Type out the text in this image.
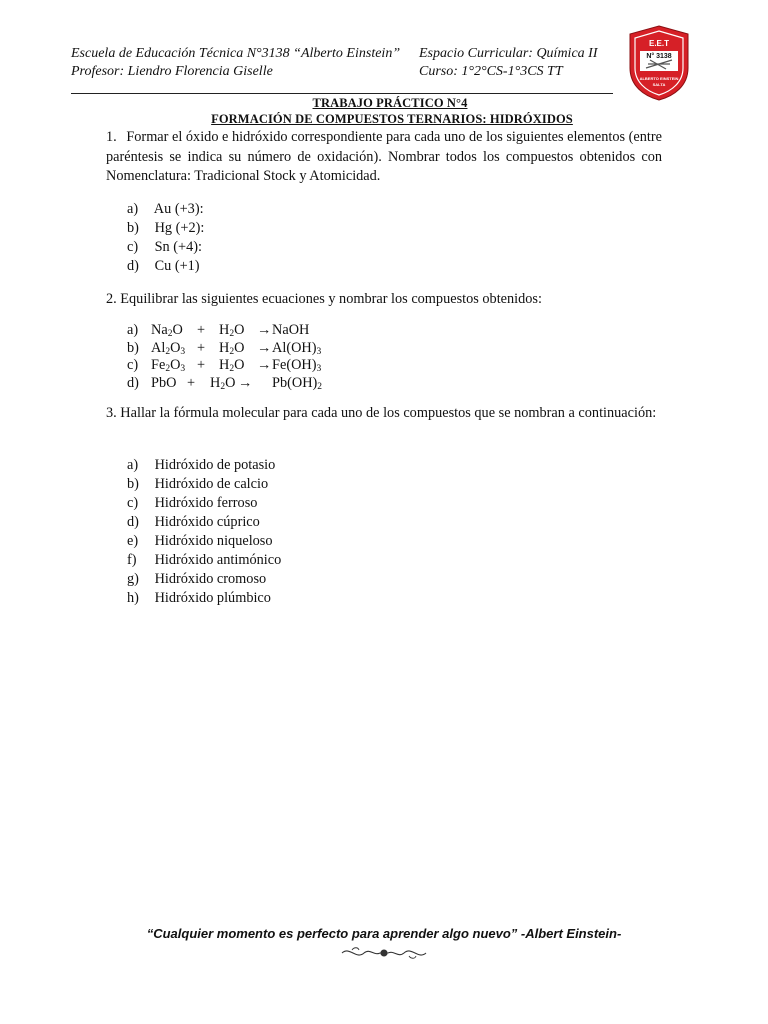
Escuela de Educación Técnica N°3138 “Alberto Einstein”
Profesor: Liendro Florencia Giselle
Espacio Curricular: Química II
Curso: 1°2°CS-1°3CS TT
E.E.T
N° 3138
ALBERTO EINSTEIN
SALTA
TRABAJO PRÁCTICO N°4
FORMACIÓN DE COMPUESTOS TERNARIOS: HIDRÓXIDOS
1. Formar el óxido e hidróxido correspondiente para cada uno de los siguientes elementos (entre paréntesis se indica su número de oxidación). Nombrar todos los compuestos obtenidos con Nomenclatura: Tradicional Stock y Atomicidad.
a) Au (+3):
b) Hg (+2):
c) Sn (+4):
d) Cu (+1)
2. Equilibrar las siguientes ecuaciones y nombrar los compuestos obtenidos:
a) $Na_2O + H_2O$ → NaOH
b) $Al_2O_3 + H_2O \to Al(OH)_3$
c) $Fe_2O_3 + H_2O \to Fe(OH)_3$
d) PbO + $H_2O \to Pb(OH)_2$
3. Hallar la fórmula molecular para cada uno de los compuestos que se nombran a continuación:
a) Hidróxido de potasio
b) Hidróxido de calcio
c) Hidróxido ferroso
d) Hidróxido cúprico
e) Hidróxido niqueloso
f) Hidróxido antimónico
g) Hidróxido cromoso
h) Hidróxido plúmbico
“Cualquier momento es perfecto para aprender algo nuevo” -Albert Einstein-
